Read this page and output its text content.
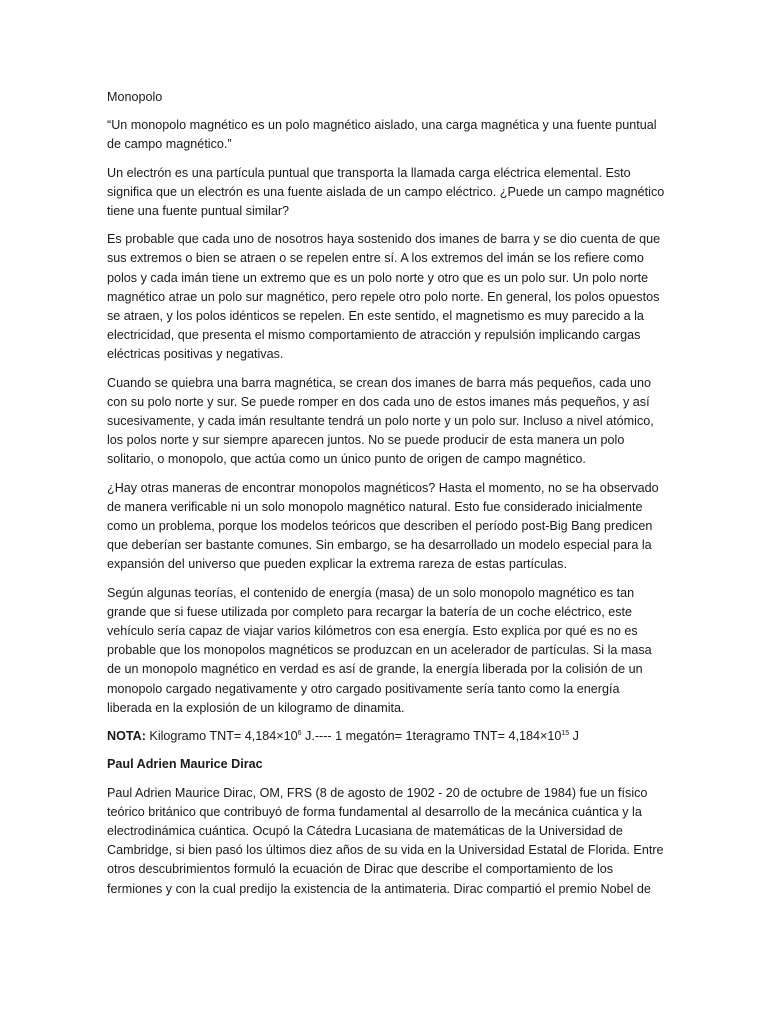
Monopolo

“Un monopolo magnético es un polo magnético aislado, una carga magnética y una fuente puntual de campo magnético.”

Un electrón es una partícula puntual que transporta la llamada carga eléctrica elemental. Esto significa que un electrón es una fuente aislada de un campo eléctrico. ¿Puede un campo magnético tiene una fuente puntual similar?

Es probable que cada uno de nosotros haya sostenido dos imanes de barra y se dio cuenta de que sus extremos o bien se atraen o se repelen entre sí. A los extremos del imán se los refiere como polos y cada imán tiene un extremo que es un polo norte y otro que es un polo sur. Un polo norte magnético atrae un polo sur magnético, pero repele otro polo norte. En general, los polos opuestos se atraen, y los polos idénticos se repelen. En este sentido, el magnetismo es muy parecido a la electricidad, que presenta el mismo comportamiento de atracción y repulsión implicando cargas eléctricas positivas y negativas.

Cuando se quiebra una barra magnética, se crean dos imanes de barra más pequeños, cada uno con su polo norte y sur. Se puede romper en dos cada uno de estos imanes más pequeños, y así sucesivamente, y cada imán resultante tendrá un polo norte y un polo sur. Incluso a nivel atómico, los polos norte y sur siempre aparecen juntos. No se puede producir de esta manera un polo solitario, o monopolo, que actúa como un único punto de origen de campo magnético.

¿Hay otras maneras de encontrar monopolos magnéticos? Hasta el momento, no se ha observado de manera verificable ni un solo monopolo magnético natural. Esto fue considerado inicialmente como un problema, porque los modelos teóricos que describen el período post-Big Bang predicen que deberían ser bastante comunes. Sin embargo, se ha desarrollado un modelo especial para la expansión del universo que pueden explicar la extrema rareza de estas partículas.

Según algunas teorías, el contenido de energía (masa) de un solo monopolo magnético es tan grande que si fuese utilizada por completo para recargar la batería de un coche eléctrico, este vehículo sería capaz de viajar varios kilómetros con esa energía. Esto explica por qué es no es probable que los monopolos magnéticos se produzcan en un acelerador de partículas. Si la masa de un monopolo magnético en verdad es así de grande, la energía liberada por la colisión de un monopolo cargado negativamente y otro cargado positivamente sería tanto como la energía liberada en la explosión de un kilogramo de dinamita.

NOTA: Kilogramo $TNT= 4,184\times 10^6$ J.---- 1 megatón= 1teragramo $TNT= 4,184\times 10^{15}$ J

Paul Adrien Maurice Dirac

Paul Adrien Maurice Dirac, OM, FRS (8 de agosto de 1902 - 20 de octubre de 1984) fue un físico teórico británico que contribuyó de forma fundamental al desarrollo de la mecánica cuántica y la electrodinámica cuántica. Ocupó la Cátedra Lucasiana de matemáticas de la Universidad de Cambridge, si bien pasó los últimos diez años de su vida en la Universidad Estatal de Florida. Entre otros descubrimientos formuló la ecuación de Dirac que describe el comportamiento de los fermiones y con la cual predijo la existencia de la antimateria. Dirac compartió el premio Nobel de
